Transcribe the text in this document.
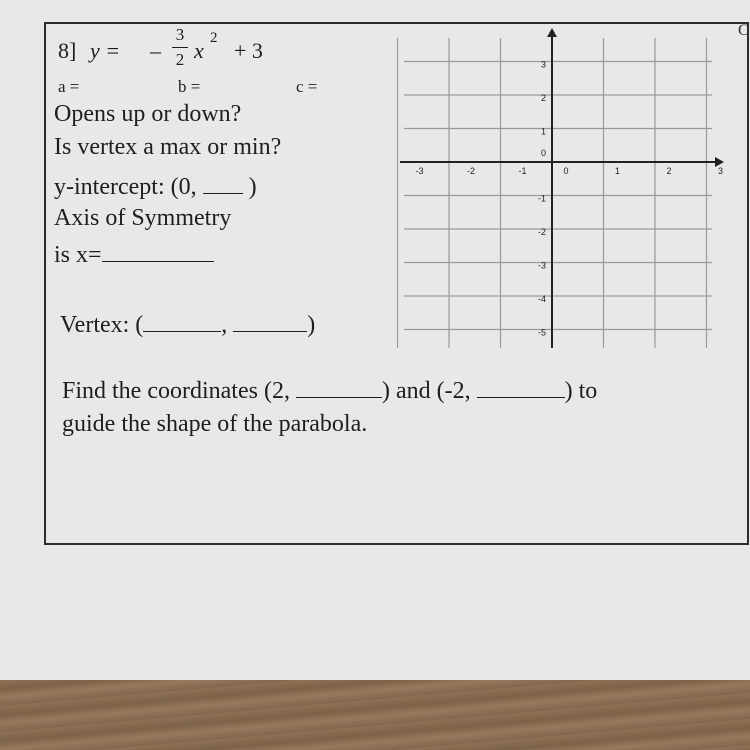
C
8] y = –
3
2 x 2 + 3
a =	b =	c =
Opens up or down?
Is vertex a max or min?
y-intercept: (0, )
Axis of Symmetry
is x=
Vertex: (	,	)
Find the coordinates (2,	) and (-2,	) to
guide the shape of the parabola.
-3	-2	-1	0	1	2	3
3
2
1
0
-1
-2
-3
-4
-5
